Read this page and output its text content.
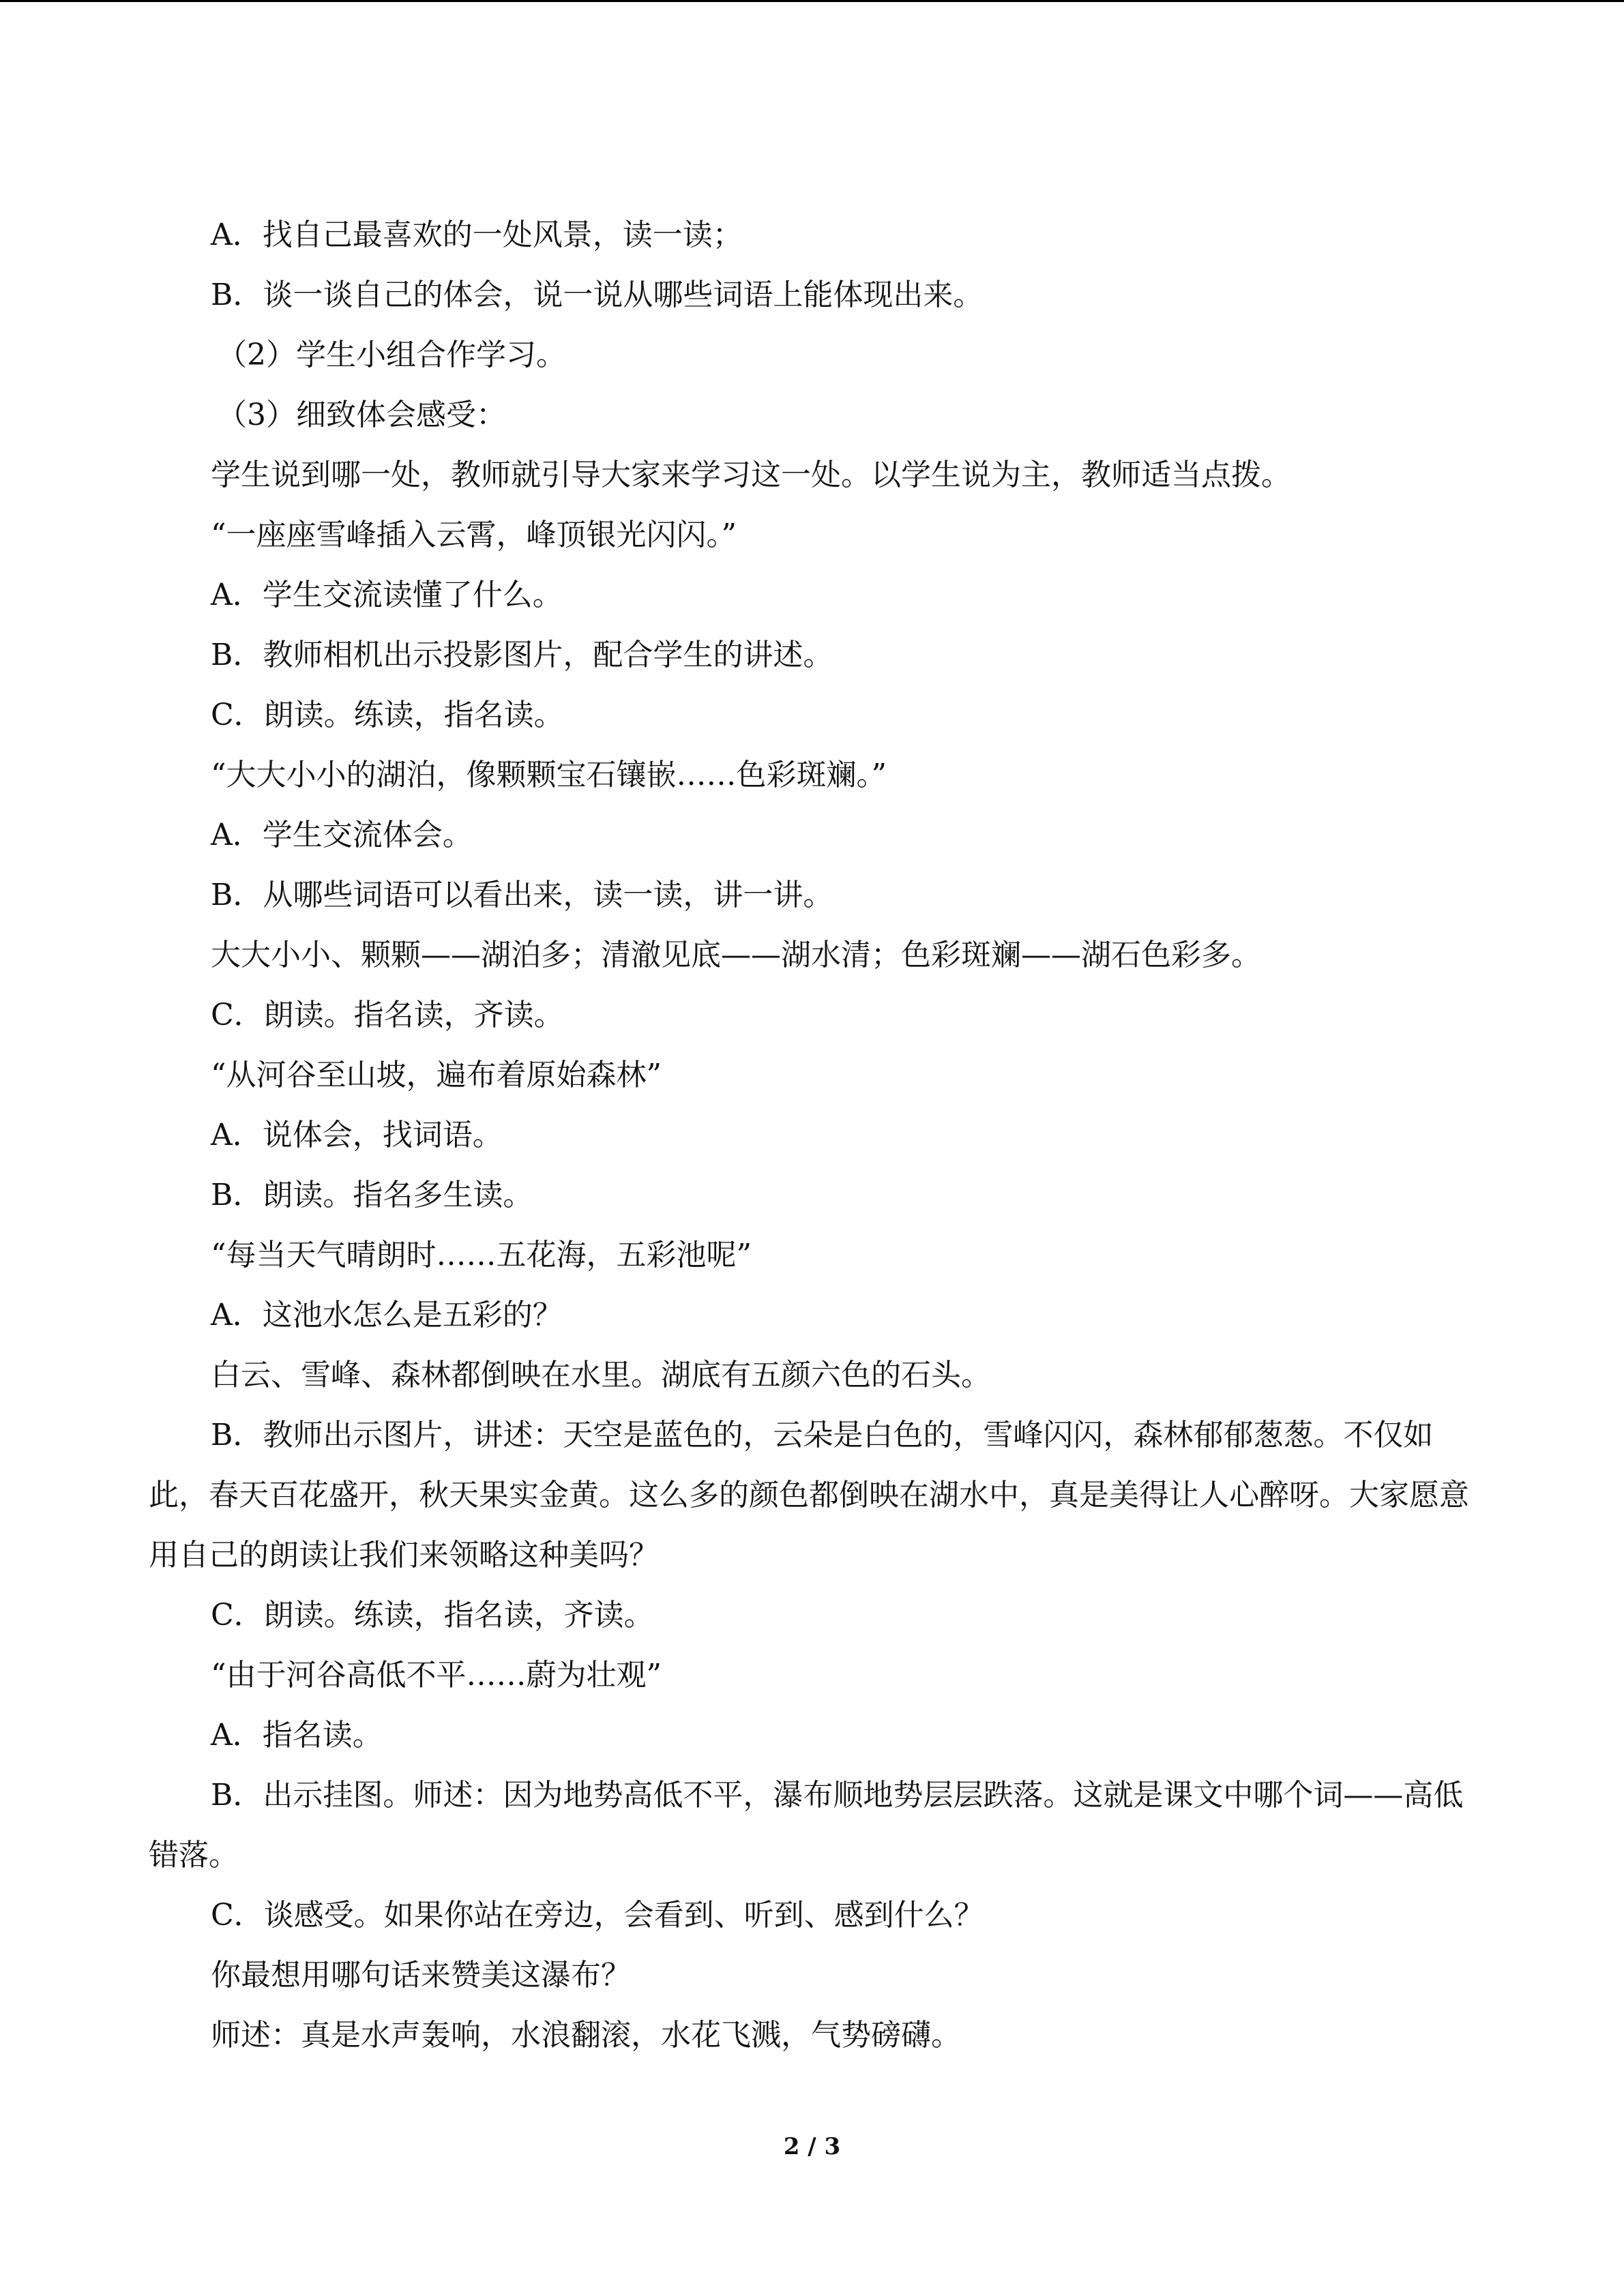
A．找自己最喜欢的一处风景，读一读；

B．谈一谈自己的体会，说一说从哪些词语上能体现出来。

（2）学生小组合作学习。

（3）细致体会感受：

学生说到哪一处，教师就引导大家来学习这一处。以学生说为主，教师适当点拨。

“一座座雪峰插入云霄，峰顶银光闪闪。”

A．学生交流读懂了什么。

B．教师相机出示投影图片，配合学生的讲述。

C．朗读。练读，指名读。

“大大小小的湖泊，像颗颗宝石镶嵌……色彩斑斓。”

A．学生交流体会。

B．从哪些词语可以看出来，读一读，讲一讲。

大大小小、颗颗——湖泊多；清澈见底——湖水清；色彩斑斓——湖石色彩多。

C．朗读。指名读，齐读。

“从河谷至山坡，遍布着原始森林”

A．说体会，找词语。

B．朗读。指名多生读。

“每当天气晴朗时……五花海，五彩池呢”

A．这池水怎么是五彩的？

白云、雪峰、森林都倒映在水里。湖底有五颜六色的石头。

B．教师出示图片，讲述：天空是蓝色的，云朵是白色的，雪峰闪闪，森林郁郁葱葱。不仅如此，春天百花盛开，秋天果实金黄。这么多的颜色都倒映在湖水中，真是美得让人心醉呀。大家愿意用自己的朗读让我们来领略这种美吗？

C．朗读。练读，指名读，齐读。

“由于河谷高低不平……蔚为壮观”

A．指名读。

B．出示挂图。师述：因为地势高低不平，瀑布顺地势层层跌落。这就是课文中哪个词——高低错落。

C．谈感受。如果你站在旁边，会看到、听到、感到什么？

你最想用哪句话来赞美这瀑布？

师述：真是水声轰响，水浪翻滚，水花飞溅，气势磅礴。

2 / 3
